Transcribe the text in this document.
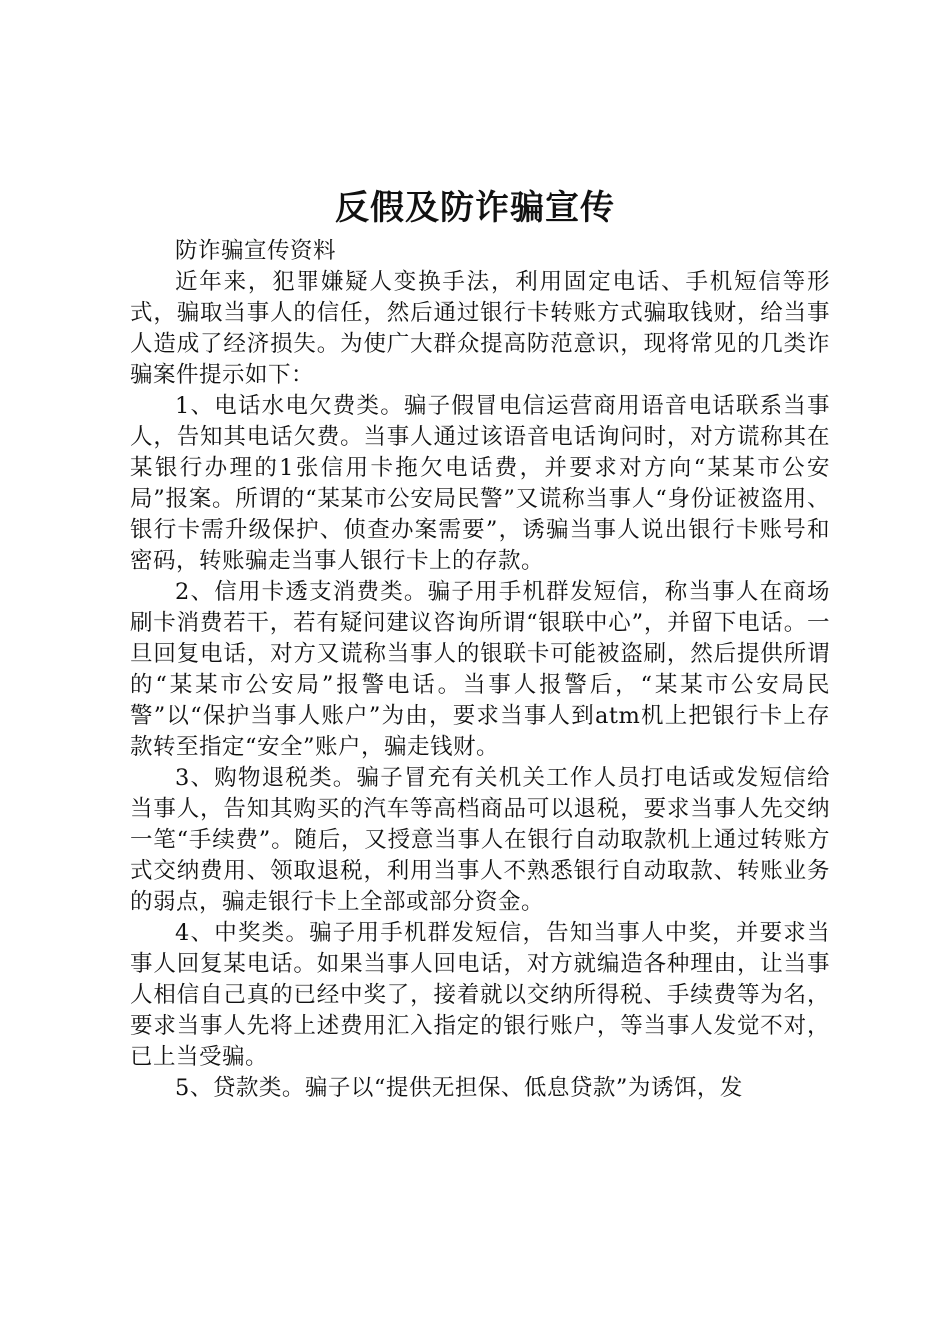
反假及防诈骗宣传

防诈骗宣传资料

近年来，犯罪嫌疑人变换手法，利用固定电话、手机短信等形式，骗取当事人的信任，然后通过银行卡转账方式骗取钱财，给当事人造成了经济损失。为使广大群众提高防范意识，现将常见的几类诈骗案件提示如下：

1、电话水电欠费类。骗子假冒电信运营商用语音电话联系当事人，告知其电话欠费。当事人通过该语音电话询问时，对方谎称其在某银行办理的1张信用卡拖欠电话费，并要求对方向“某某市公安局”报案。所谓的“某某市公安局民警”又谎称当事人“身份证被盗用、银行卡需升级保护、侦查办案需要”，诱骗当事人说出银行卡账号和密码，转账骗走当事人银行卡上的存款。

2、信用卡透支消费类。骗子用手机群发短信，称当事人在商场刷卡消费若干，若有疑问建议咨询所谓“银联中心”，并留下电话。一旦回复电话，对方又谎称当事人的银联卡可能被盗刷，然后提供所谓的“某某市公安局”报警电话。当事人报警后，“某某市公安局民警”以“保护当事人账户”为由，要求当事人到atm机上把银行卡上存款转至指定“安全”账户，骗走钱财。

3、购物退税类。骗子冒充有关机关工作人员打电话或发短信给当事人，告知其购买的汽车等高档商品可以退税，要求当事人先交纳一笔“手续费”。随后，又授意当事人在银行自动取款机上通过转账方式交纳费用、领取退税，利用当事人不熟悉银行自动取款、转账业务的弱点，骗走银行卡上全部或部分资金。

4、中奖类。骗子用手机群发短信，告知当事人中奖，并要求当事人回复某电话。如果当事人回电话，对方就编造各种理由，让当事人相信自己真的已经中奖了，接着就以交纳所得税、手续费等为名，要求当事人先将上述费用汇入指定的银行账户，等当事人发觉不对，已上当受骗。

5、贷款类。骗子以“提供无担保、低息贷款”为诱饵，发
